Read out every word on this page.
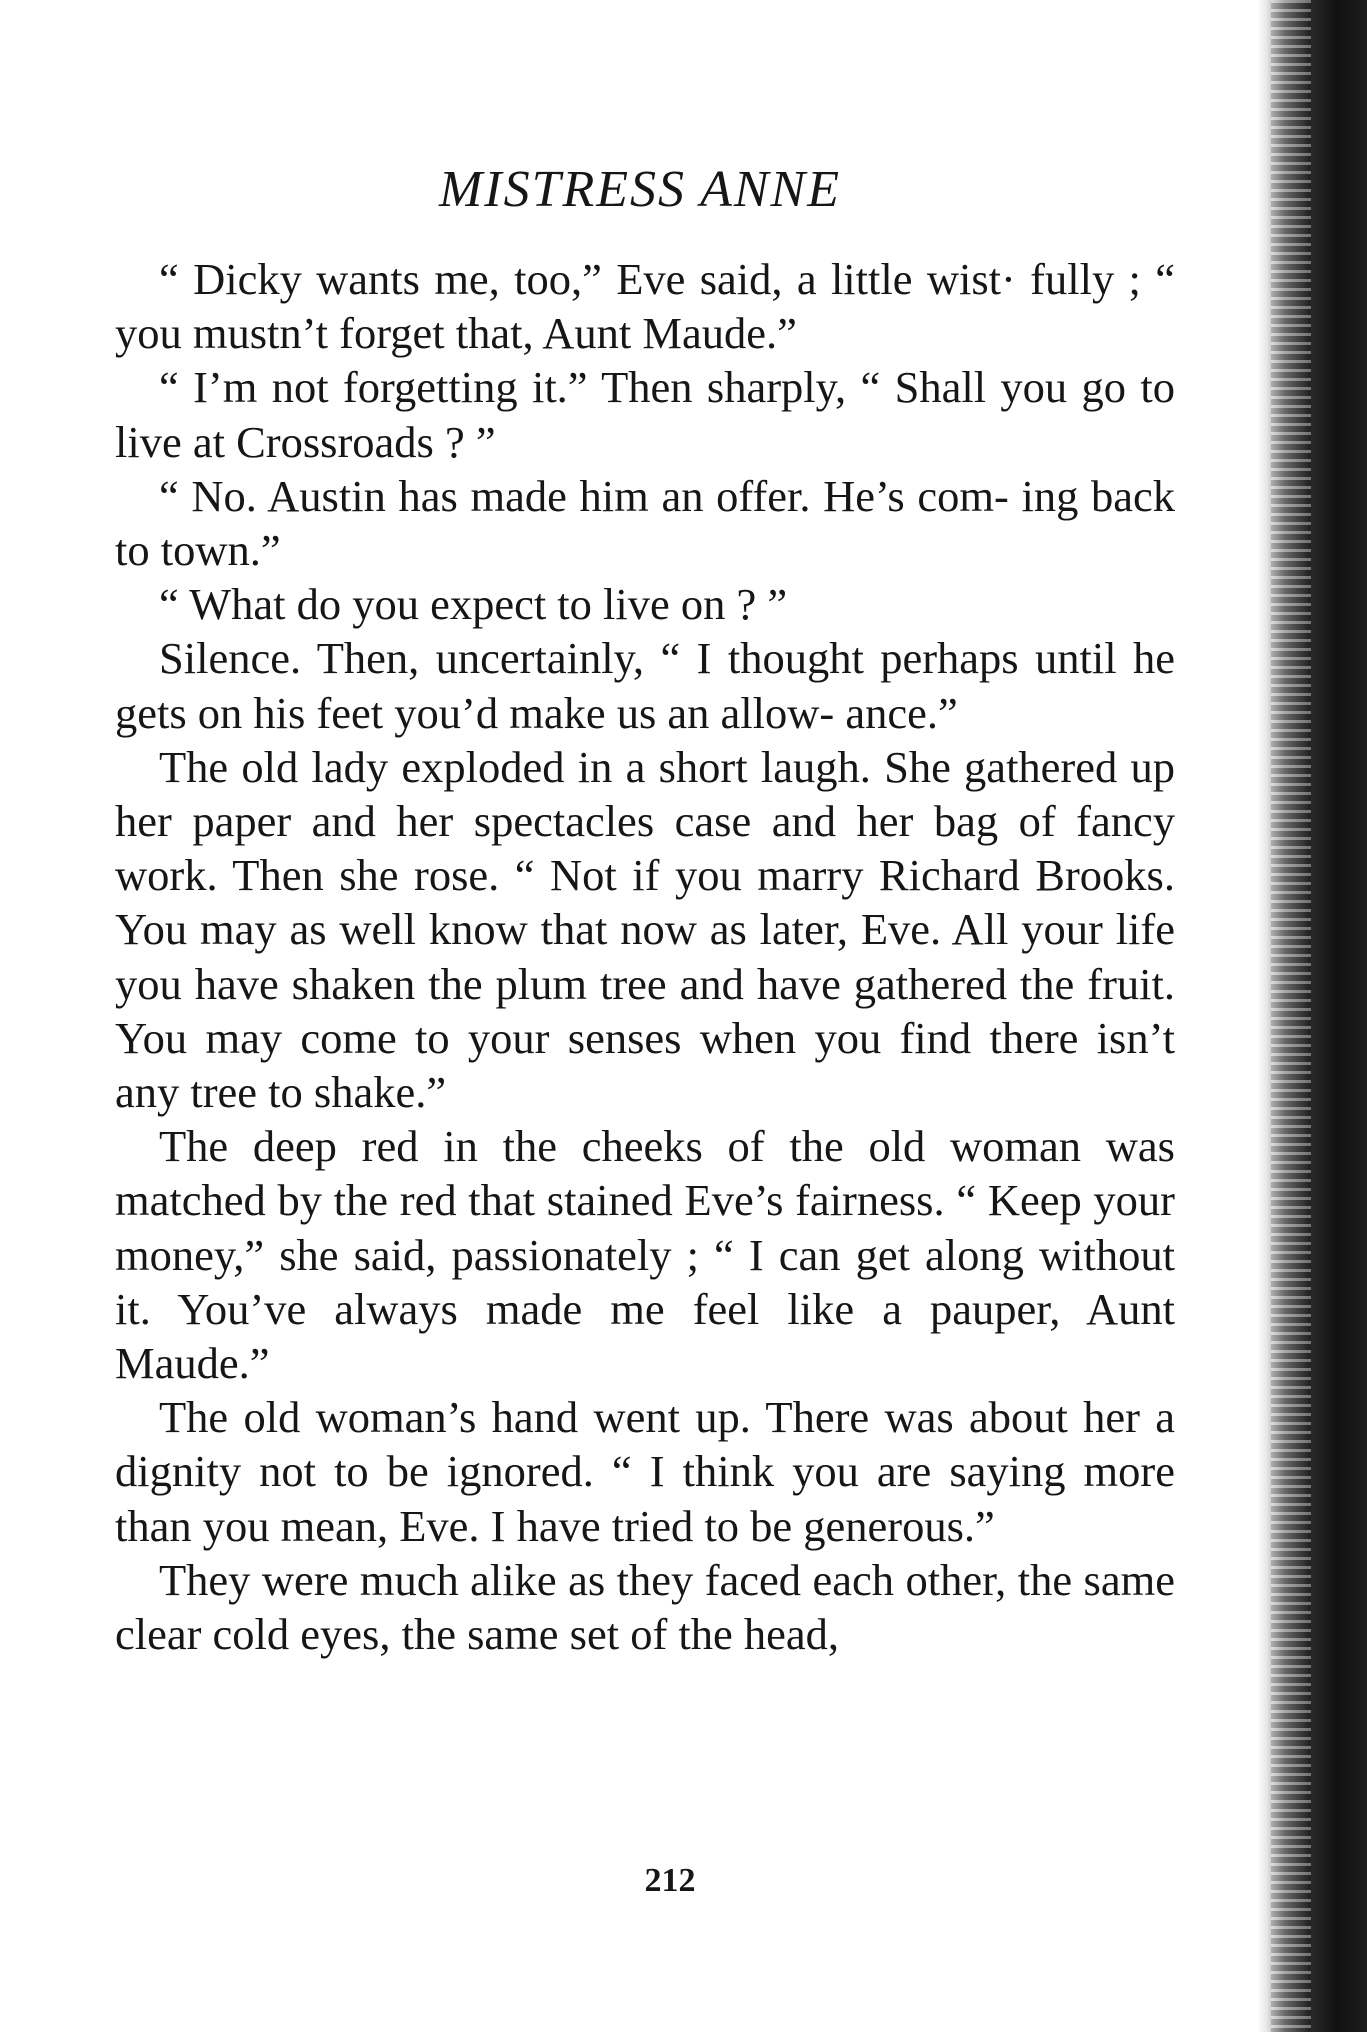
MISTRESS ANNE

“ Dicky wants me, too,” Eve said, a little wist· fully ; “ you mustn’t forget that, Aunt Maude.”

“ I’m not forgetting it.” Then sharply, “ Shall you go to live at Crossroads ? ”

“ No. Austin has made him an offer. He’s com- ing back to town.”

“ What do you expect to live on ? ”

Silence. Then, uncertainly, “ I thought perhaps until he gets on his feet you’d make us an allow- ance.”

The old lady exploded in a short laugh. She gathered up her paper and her spectacles case and her bag of fancy work. Then she rose. “ Not if you marry Richard Brooks. You may as well know that now as later, Eve. All your life you have shaken the plum tree and have gathered the fruit. You may come to your senses when you find there isn’t any tree to shake.”

The deep red in the cheeks of the old woman was matched by the red that stained Eve’s fairness. “ Keep your money,” she said, passionately ; “ I can get along without it. You’ve always made me feel like a pauper, Aunt Maude.”

The old woman’s hand went up. There was about her a dignity not to be ignored. “ I think you are saying more than you mean, Eve. I have tried to be generous.”

They were much alike as they faced each other, the same clear cold eyes, the same set of the head,

212
